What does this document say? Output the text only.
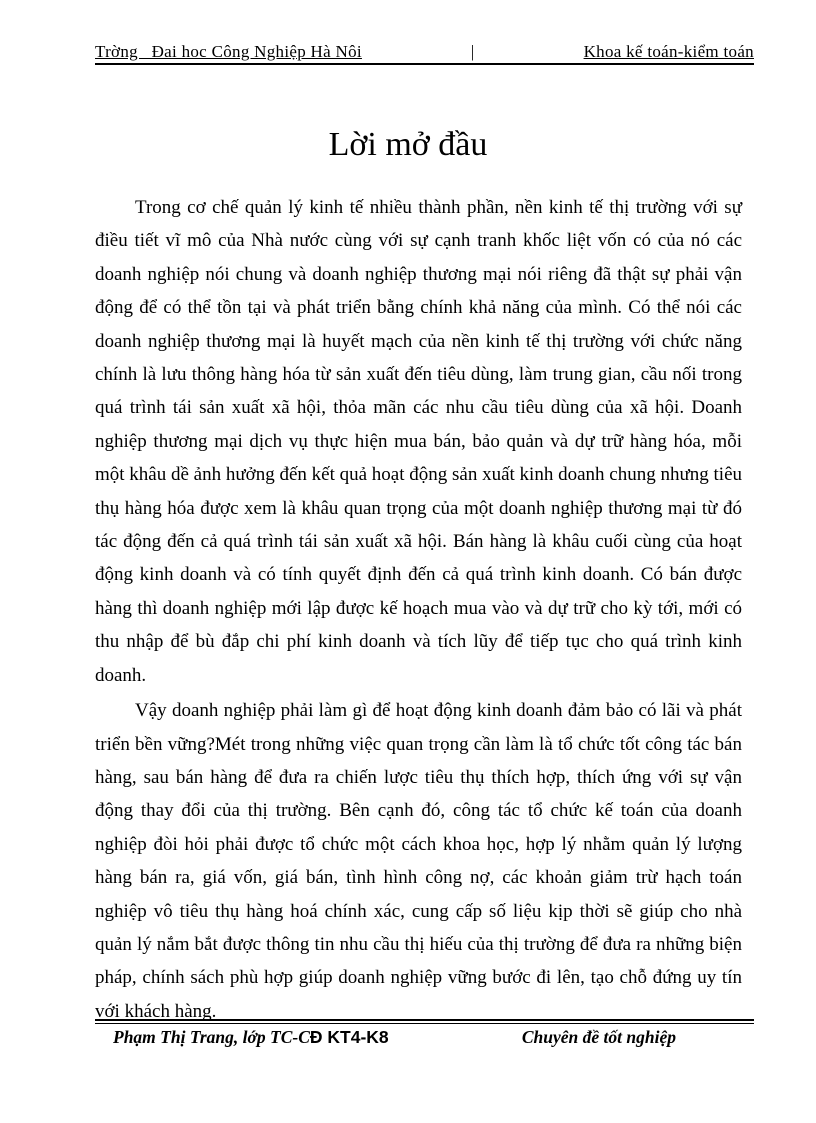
Trờng   Đai hoc Công Nghiệp Hà Nôi	|	Khoa kế toán-kiểm toán
Lời mở đầu

Trong cơ chế quản lý kinh tế nhiều thành phần, nền kinh tế thị trường với sự điều tiết vĩ mô của Nhà nước cùng với sự cạnh tranh khốc liệt vốn có của nó các doanh nghiệp nói chung và doanh nghiệp thương mại nói riêng đã thật sự phải vận động để có thể tồn tại và phát triển bằng chính khả năng của mình. Có thể nói các doanh nghiệp thương mại là huyết mạch của nền kinh tế thị trường với chức năng chính là lưu thông hàng hóa từ sản xuất đến tiêu dùng, làm trung gian, cầu nối trong quá trình tái sản xuất xã hội, thỏa mãn các nhu cầu tiêu dùng của xã hội. Doanh nghiệp thương mại dịch vụ thực hiện mua bán, bảo quản và dự trữ hàng hóa, mỗi một khâu dề ảnh hưởng đến kết quả hoạt động sản xuất kinh doanh chung nhưng tiêu thụ hàng hóa được xem là khâu quan trọng của một doanh nghiệp thương mại từ đó tác động đến cả quá trình tái sản xuất xã hội. Bán hàng là khâu cuối cùng của hoạt động kinh doanh và có tính quyết định đến cả quá trình kinh doanh. Có bán được hàng thì doanh nghiệp mới lập được kế hoạch mua vào và dự trữ cho kỳ tới, mới có thu nhập để bù đắp chi phí kinh doanh và tích lũy để tiếp tục cho quá trình kinh doanh.

Vậy doanh nghiệp phải làm gì để hoạt động kinh doanh đảm bảo có lãi và phát triển bền vững?Mét trong những việc quan trọng cần làm là tổ chức tốt công tác bán hàng, sau bán hàng để đưa ra chiến lược tiêu thụ thích hợp, thích ứng với sự vận động thay đổi của thị trường. Bên cạnh đó, công tác tổ chức kế toán của doanh nghiệp đòi hỏi phải được tổ chức một cách khoa học, hợp lý nhằm quản lý lượng hàng bán ra, giá vốn, giá bán, tình hình công nợ, các khoản giảm trừ hạch toán nghiệp vô tiêu thụ hàng hoá chính xác, cung cấp số liệu kịp thời sẽ giúp cho nhà quản lý nắm bắt được thông tin nhu cầu thị hiếu của thị trường để đưa ra những biện pháp, chính sách phù hợp giúp doanh nghiệp vững bước đi lên, tạo chỗ đứng uy tín với khách hàng.

Phạm Thị Trang, lớp TC-CĐ KT4-K8	Chuyên đề tốt nghiệp
